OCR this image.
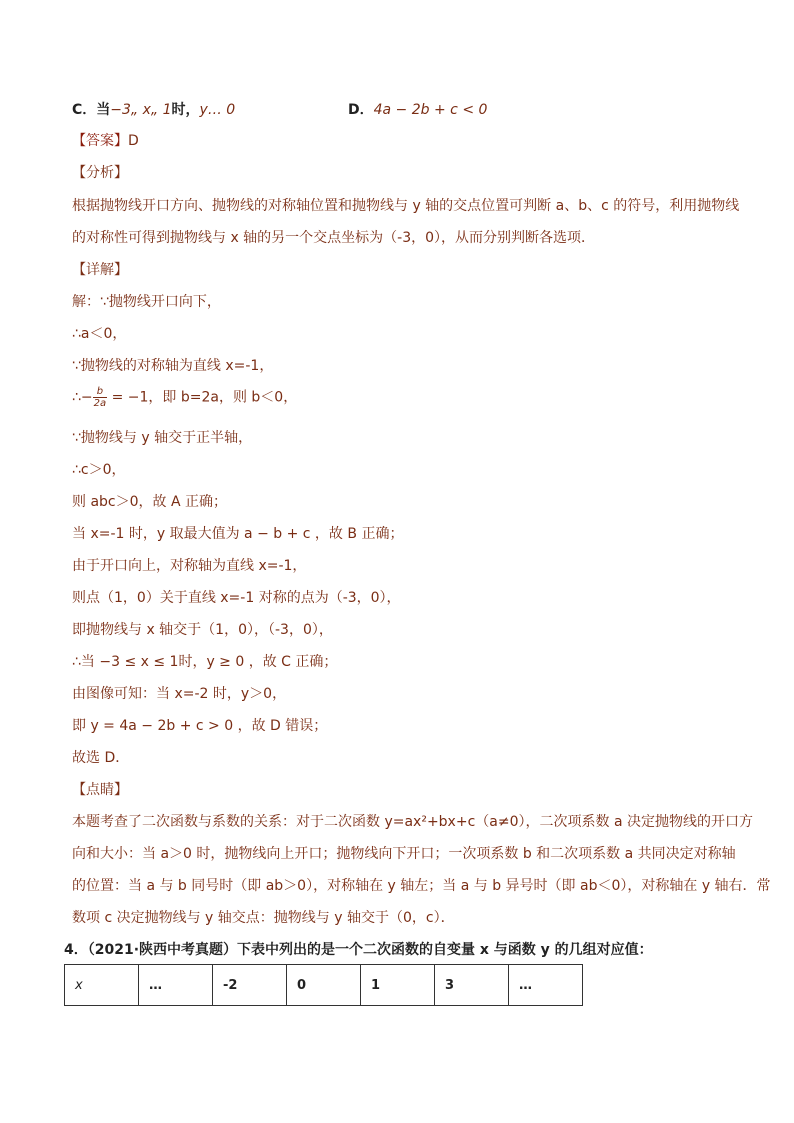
C．当−3„ x„ 1时，y… 0	D．4a − 2b + c < 0
【答案】D
【分析】
根据抛物线开口方向、抛物线的对称轴位置和抛物线与 y 轴的交点位置可判断 a、b、c 的符号，利用抛物线
的对称性可得到抛物线与 x 轴的另一个交点坐标为（-3，0），从而分别判断各选项．
【详解】
解：∵抛物线开口向下，
∴a＜0，
∵抛物线的对称轴为直线 x=-1，
∴− $\frac{b}{2a} = -1$，即 b=2a，则 b＜0，
∵抛物线与 y 轴交于正半轴，
∴c＞0，
则 abc＞0，故 A 正确；
当 x=-1 时，y 取最大值为 a − b + c ，故 B 正确；
由于开口向上，对称轴为直线 x=-1，
则点（1，0）关于直线 x=-1 对称的点为（-3，0），
即抛物线与 x 轴交于（1，0），（-3，0），
∴当 −3 ≤ x ≤ 1时，y ≥ 0 ，故 C 正确；
由图像可知：当 x=-2 时，y＞0，
即 y = 4a − 2b + c > 0 ，故 D 错误；
故选 D．
【点睛】
本题考查了二次函数与系数的关系：对于二次函数 y=ax²+bx+c（a≠0），二次项系数 a 决定抛物线的开口方
向和大小：当 a＞0 时，抛物线向上开口；抛物线向下开口；一次项系数 b 和二次项系数 a 共同决定对称轴
的位置：当 a 与 b 同号时（即 ab＞0），对称轴在 y 轴左；当 a 与 b 异号时（即 ab＜0），对称轴在 y 轴右．常
数项 c 决定抛物线与 y 轴交点：抛物线与 y 轴交于（0，c）．
4．（2021·陕西中考真题）下表中列出的是一个二次函数的自变量 x 与函数 y 的几组对应值：
x	…	-2	0	1	3	…
